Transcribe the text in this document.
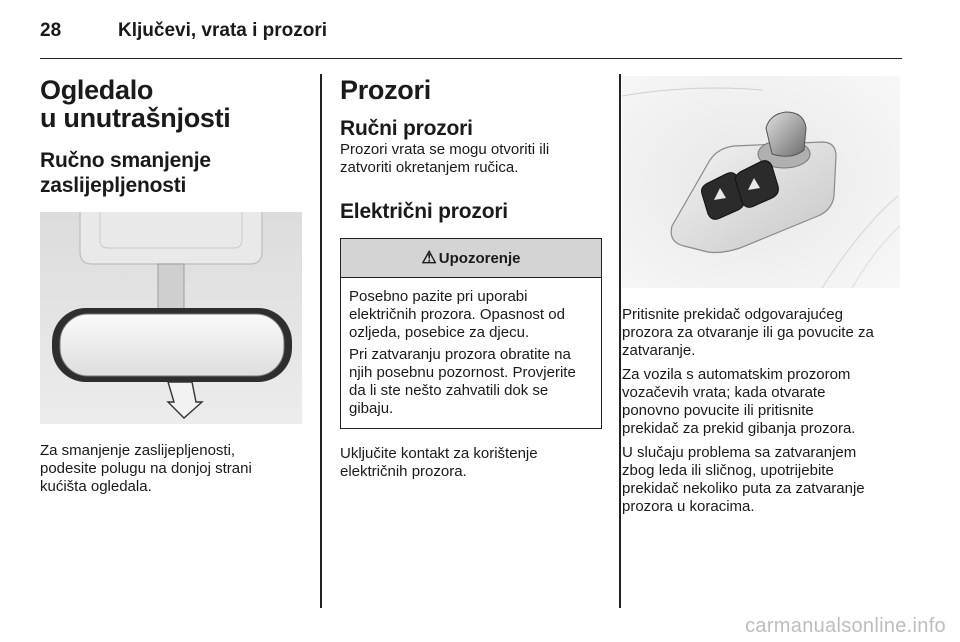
28	Ključevi, vrata i prozori
Ogledalo
u unutrašnjosti
Ručno smanjenje
zaslijepljenosti

Za smanjenje zaslijepljenosti,
podesite polugu na donjoj strani
kućišta ogledala.

Prozori
Ručni prozori

Prozori vrata se mogu otvoriti ili
zatvoriti okretanjem ručica.

Električni prozori
⚠ Upozorenje

Posebno pazite pri uporabi
električnih prozora. Opasnost od
ozljeda, posebice za djecu.

Pri zatvaranju prozora obratite na
njih posebnu pozornost. Provjerite
da li ste nešto zahvatili dok se
gibaju.

Uključite kontakt za korištenje
električnih prozora.

Pritisnite prekidač odgovarajućeg
prozora za otvaranje ili ga povucite za
zatvaranje.

Za vozila s automatskim prozorom
vozačevih vrata; kada otvarate
ponovno povucite ili pritisnite
prekidač za prekid gibanja prozora.

U slučaju problema sa zatvaranjem
zbog leda ili sličnog, upotrijebite
prekidač nekoliko puta za zatvaranje
prozora u koracima.

carmanualsonline.info
